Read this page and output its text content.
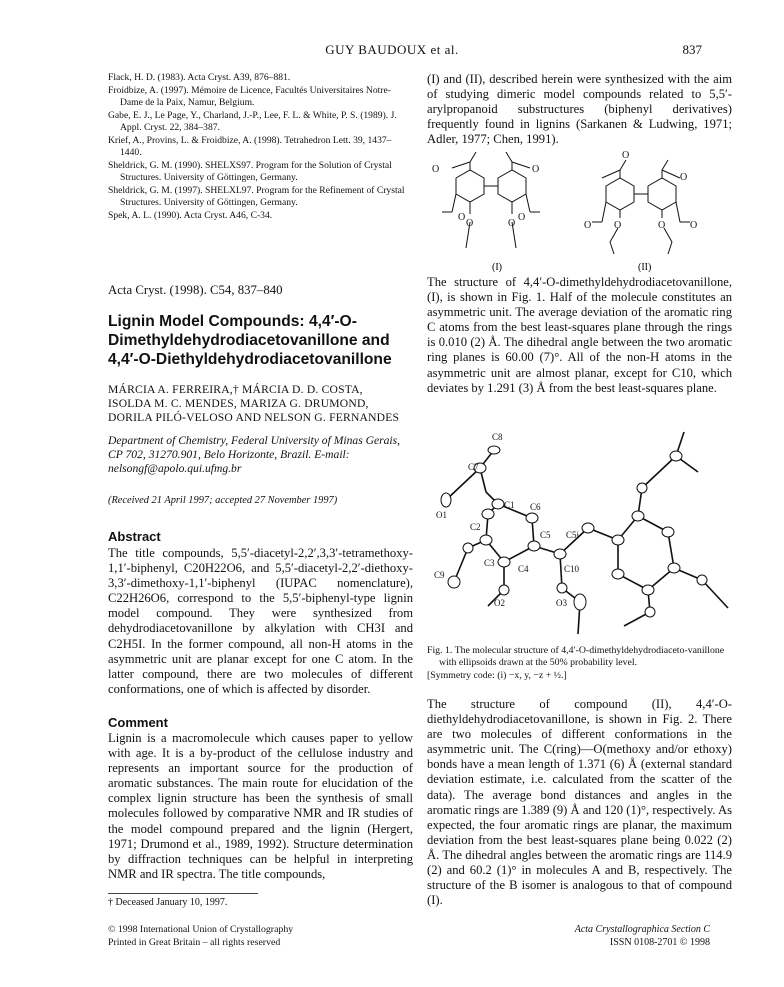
GUY BAUDOUX et al.	837

Flack, H. D. (1983). Acta Cryst. A39, 876–881.

Froidbize, A. (1997). Mémoire de Licence, Facultés Universitaires Notre-Dame de la Paix, Namur, Belgium.

Gabe, E. J., Le Page, Y., Charland, J.-P., Lee, F. L. & White, P. S. (1989). J. Appl. Cryst. 22, 384–387.

Krief, A., Provins, L. & Froidbize, A. (1998). Tetrahedron Lett. 39, 1437–1440.

Sheldrick, G. M. (1990). SHELXS97. Program for the Solution of Crystal Structures. University of Göttingen, Germany.

Sheldrick, G. M. (1997). SHELXL97. Program for the Refinement of Crystal Structures. University of Göttingen, Germany.

Spek, A. L. (1990). Acta Cryst. A46, C-34.

Acta Cryst. (1998). C54, 837–840
Lignin Model Compounds: 4,4′-O-Dimethyldehydrodiacetovanillone and 4,4′-O-Diethyldehydrodiacetovanillone
MÁRCIA A. FERREIRA,† MÁRCIA D. D. COSTA,
ISOLDA M. C. MENDES, MARIZA G. DRUMOND,
DORILA PILÓ-VELOSO AND NELSON G. FERNANDES
Department of Chemistry, Federal University of Minas Gerais, CP 702, 31270.901, Belo Horizonte, Brazil. E-mail: nelsongf@apolo.qui.ufmg.br
(Received 21 April 1997; accepted 27 November 1997)
Abstract
The title compounds, 5,5′-diacetyl-2,2′,3,3′-tetramethoxy-1,1′-biphenyl, C20H22O6, and 5,5′-diacetyl-2,2′-diethoxy-3,3′-dimethoxy-1,1′-biphenyl (IUPAC nomenclature), C22H26O6, correspond to the 5,5′-biphenyl-type lignin model compound. They were synthesized from dehydrodiacetovanillone by alkylation with CH3I and C2H5I. In the former compound, all non-H atoms in the asymmetric unit are planar except for one C atom. In the latter compound, there are two molecules of different conformations, one of which is affected by disorder.
Comment
Lignin is a macromolecule which causes paper to yellow with age. It is a by-product of the cellulose industry and represents an important source for the production of aromatic substances. The main route for elucidation of the complex lignin structure has been the synthesis of small molecules followed by comparative NMR and IR studies of the model compound prepared and the lignin (Hergert, 1971; Drumond et al., 1989, 1992). Structure determination by diffraction techniques can be helpful in interpreting NMR and IR spectra. The title compounds,
† Deceased January 10, 1997.
© 1998 International Union of Crystallography
Printed in Great Britain – all rights reserved
Acta Crystallographica Section C
ISSN 0108-2701 © 1998
(I) and (II), described herein were synthesized with the aim of studying dimeric model compounds related to 5,5′-arylpropanoid substructures (biphenyl derivatives) frequently found in lignins (Sarkanen & Ludwing, 1971; Adler, 1977; Chen, 1991).
O	O
O
O	O
O
O
O
O O	O O
(I)	(II)
The structure of 4,4′-O-dimethyldehydrodiacetovanillone, (I), is shown in Fig. 1. Half of the molecule constitutes an asymmetric unit. The average deviation of the aromatic ring C atoms from the best least-squares plane through the rings is 0.010 (2) Å. The dihedral angle between the two aromatic ring planes is 60.00 (7)°. All of the non-H atoms in the asymmetric unit are almost planar, except for C10, which deviates by 1.291 (3) Å from the best least-squares plane.
C8
C7
O1
C1 C6
C2
C5 C5i
C3
C10
C4
C9
O2	O3

Fig. 1. The molecular structure of 4,4′-O-dimethyldehydrodiaceto-vanillone with ellipsoids drawn at the 50% probability level.

[Symmetry code: (i) −x, y, −z + ½.]

The structure of compound (II), 4,4′-O-diethyldehydrodiacetovanillone, is shown in Fig. 2. There are two molecules of different conformations in the asymmetric unit. The C(ring)—O(methoxy and/or ethoxy) bonds have a mean length of 1.371 (6) Å (external standard deviation estimate, i.e. calculated from the scatter of the data). The average bond distances and angles in the aromatic rings are 1.389 (9) Å and 120 (1)°, respectively. As expected, the four aromatic rings are planar, the maximum deviation from the best least-squares plane being 0.022 (2) Å. The dihedral angles between the aromatic rings are 114.9 (2) and 60.2 (1)° in molecules A and B, respectively. The structure of the B isomer is analogous to that of compound (I).
